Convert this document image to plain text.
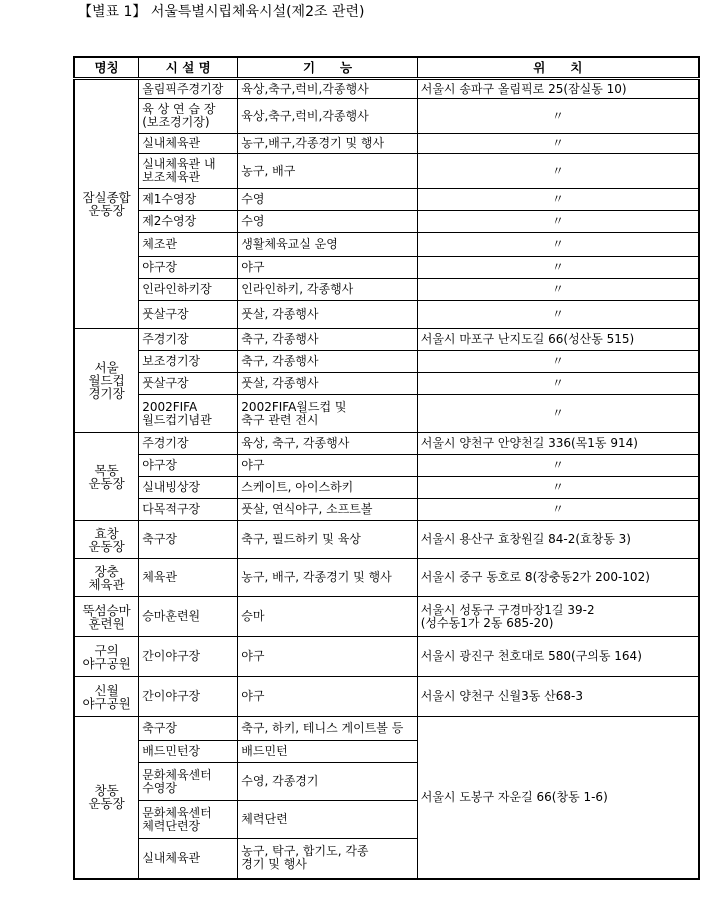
【별표 1】 서울특별시립체육시설(제2조 관련)
명칭	시 설 명	기　　능	위　　치
잠실종합
운동장	올림픽주경기장	육상,축구,럭비,각종행사	서울시 송파구 올림픽로 25(잠실동 10)
	육 상 연 습 장
(보조경기장)	육상,축구,럭비,각종행사	〃
	실내체육관	농구,배구,각종경기 및 행사	〃
	실내체육관 내
보조체육관	농구, 배구	〃
	제1수영장	수영	〃
	제2수영장	수영	〃
	체조관	생활체육교실 운영	〃
	야구장	야구	〃
	인라인하키장	인라인하키, 각종행사	〃
	풋살구장	풋살, 각종행사	〃
서울
월드컵
경기장	주경기장	축구, 각종행사	서울시 마포구 난지도길 66(성산동 515)
	보조경기장	축구, 각종행사	〃
	풋살구장	풋살, 각종행사	〃
	2002FIFA
월드컵기념관	2002FIFA월드컵 및
축구 관련 전시	〃
목동
운동장	주경기장	육상, 축구, 각종행사	서울시 양천구 안양천길 336(목1동 914)
	야구장	야구	〃
	실내빙상장	스케이트, 아이스하키	〃
	다목적구장	풋살, 연식야구, 소프트볼	〃
효창
운동장	축구장	축구, 필드하키 및 육상	서울시 용산구 효창원길 84-2(효창동 3)
장충
체육관	체육관	농구, 배구, 각종경기 및 행사	서울시 중구 동호로 8(장충동2가 200-102)
뚝섬승마
훈련원	승마훈련원	승마	서울시 성동구 구경마장1길 39-2
(성수동1가 2동 685-20)
구의
야구공원	간이야구장	야구	서울시 광진구 천호대로 580(구의동 164)
신월
야구공원	간이야구장	야구	서울시 양천구 신월3동 산68-3
창동
운동장	축구장	축구, 하키, 테니스 게이트볼 등	서울시 도봉구 자운길 66(창동 1-6)
	배드민턴장	배드민턴	
	문화체육센터
수영장	수영, 각종경기	
	문화체육센터
체력단련장	체력단련	
	실내체육관	농구, 탁구, 합기도, 각종
경기 및 행사	
